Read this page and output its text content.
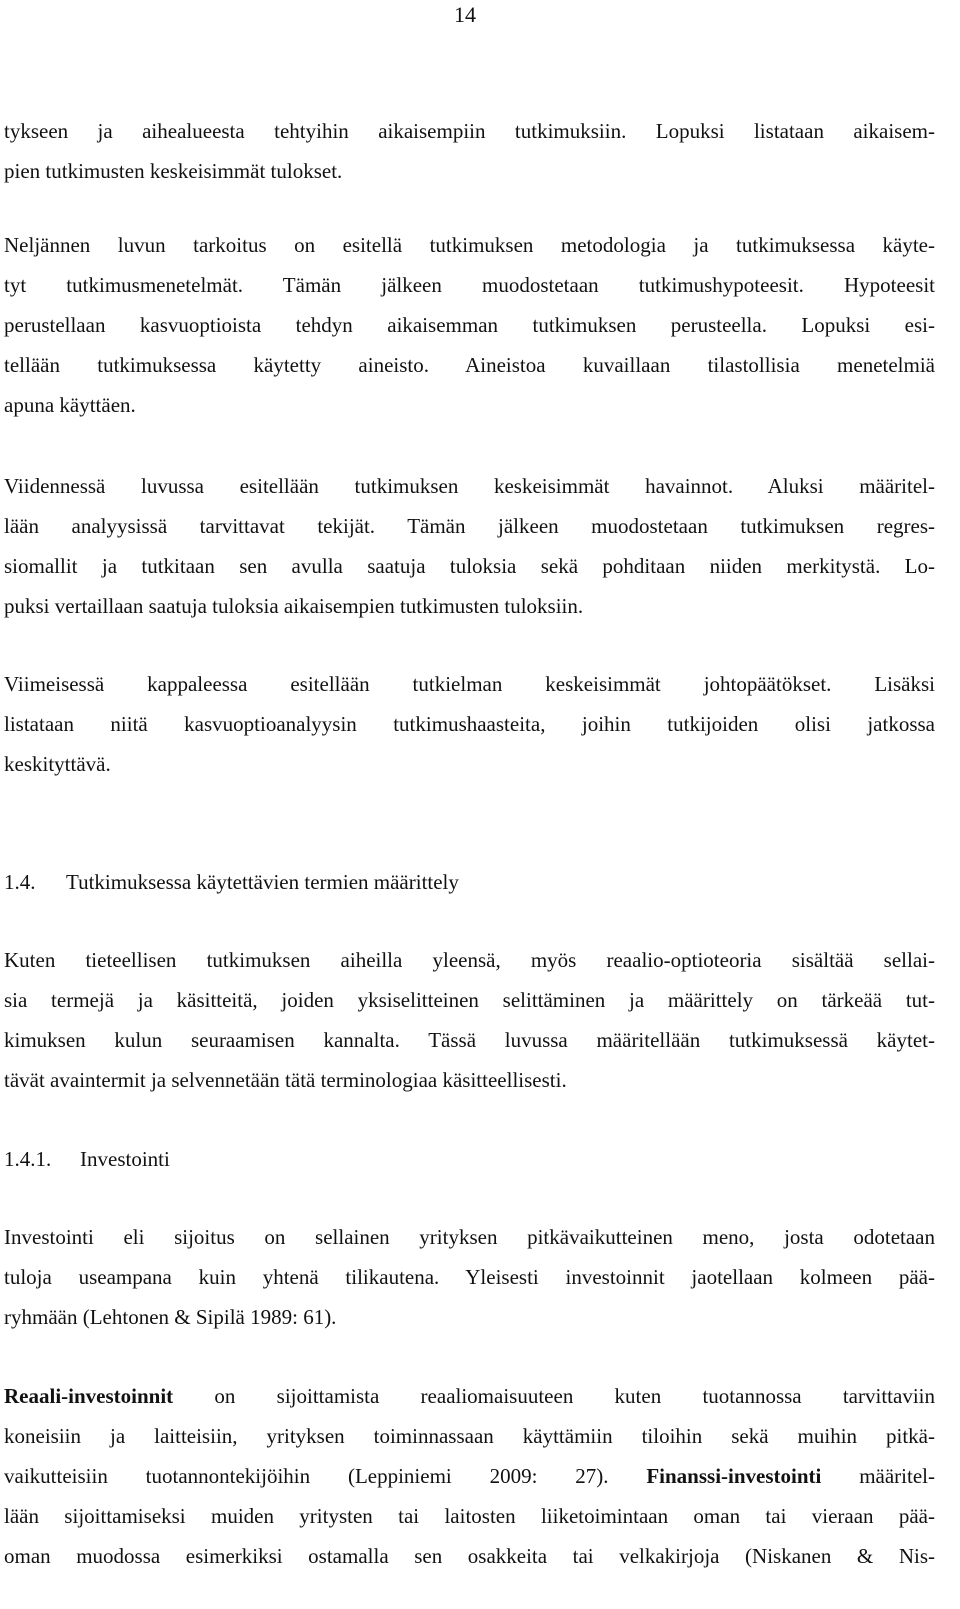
14
tykseen ja aihealueesta tehtyihin aikaisempiin tutkimuksiin. Lopuksi listataan aikaisem-
pien tutkimusten keskeisimmät tulokset.
Neljännen luvun tarkoitus on esitellä tutkimuksen metodologia ja tutkimuksessa käyte-
tyt tutkimusmenetelmät. Tämän jälkeen muodostetaan tutkimushypoteesit. Hypoteesit
perustellaan kasvuoptioista tehdyn aikaisemman tutkimuksen perusteella. Lopuksi esi-
tellään tutkimuksessa käytetty aineisto. Aineistoa kuvaillaan tilastollisia menetelmiä
apuna käyttäen.
Viidennessä luvussa esitellään tutkimuksen keskeisimmät havainnot. Aluksi määritel-
lään analyysissä tarvittavat tekijät. Tämän jälkeen muodostetaan tutkimuksen regres-
siomallit ja tutkitaan sen avulla saatuja tuloksia sekä pohditaan niiden merkitystä. Lo-
puksi vertaillaan saatuja tuloksia aikaisempien tutkimusten tuloksiin.
Viimeisessä kappaleessa esitellään tutkielman keskeisimmät johtopäätökset. Lisäksi
listataan niitä kasvuoptioanalyysin tutkimushaasteita, joihin tutkijoiden olisi jatkossa
keskityttävä.
1.4. Tutkimuksessa käytettävien termien määrittely
Kuten tieteellisen tutkimuksen aiheilla yleensä, myös reaalio-optioteoria sisältää sellai-
sia termejä ja käsitteitä, joiden yksiselitteinen selittäminen ja määrittely on tärkeää tut-
kimuksen kulun seuraamisen kannalta. Tässä luvussa määritellään tutkimuksessä käytet-
tävät avaintermit ja selvennetään tätä terminologiaa käsitteellisesti.
1.4.1. Investointi
Investointi eli sijoitus on sellainen yrityksen pitkävaikutteinen meno, josta odotetaan
tuloja useampana kuin yhtenä tilikautena. Yleisesti investoinnit jaotellaan kolmeen pää-
ryhmään (Lehtonen & Sipilä 1989: 61).
Reaali-investoinnit on sijoittamista reaaliomaisuuteen kuten tuotannossa tarvittaviin
koneisiin ja laitteisiin, yrityksen toiminnassaan käyttämiin tiloihin sekä muihin pitkä-
vaikutteisiin tuotannontekijöihin (Leppiniemi 2009: 27). Finanssi-investointi määritel-
lään sijoittamiseksi muiden yritysten tai laitosten liiketoimintaan oman tai vieraan pää-
oman muodossa esimerkiksi ostamalla sen osakkeita tai velkakirjoja (Niskanen & Nis-
